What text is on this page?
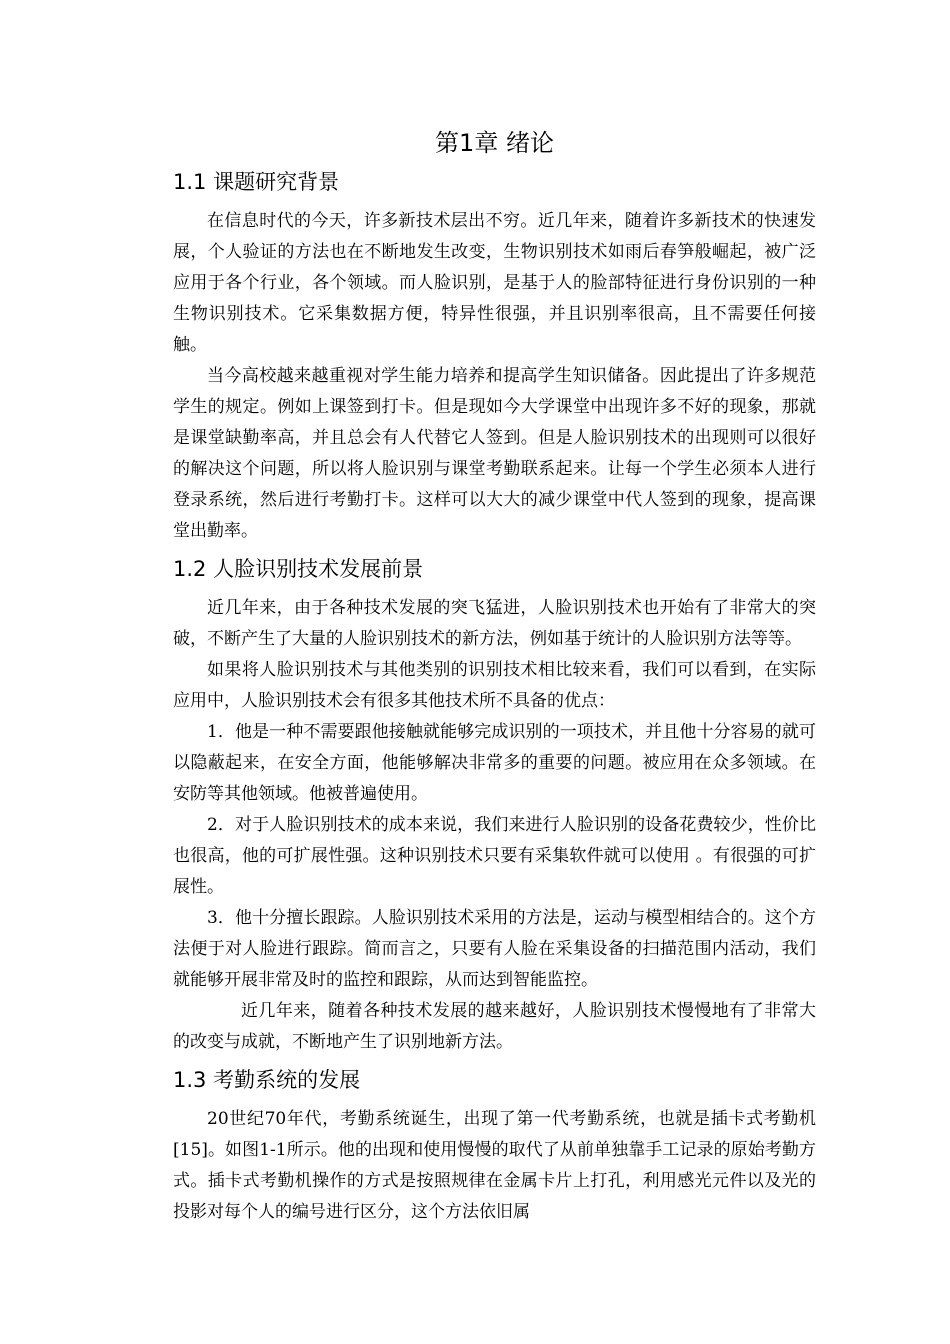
第1章 绪论
1.1 课题研究背景

在信息时代的今天，许多新技术层出不穷。近几年来，随着许多新技术的快速发展，个人验证的方法也在不断地发生改变，生物识别技术如雨后春笋般崛起，被广泛应用于各个行业，各个领域。而人脸识别，是基于人的脸部特征进行身份识别的一种生物识别技术。它采集数据方便，特异性很强，并且识别率很高，且不需要任何接触。

当今高校越来越重视对学生能力培养和提高学生知识储备。因此提出了许多规范学生的规定。例如上课签到打卡。但是现如今大学课堂中出现许多不好的现象，那就是课堂缺勤率高，并且总会有人代替它人签到。但是人脸识别技术的出现则可以很好的解决这个问题，所以将人脸识别与课堂考勤联系起来。让每一个学生必须本人进行登录系统，然后进行考勤打卡。这样可以大大的减少课堂中代人签到的现象，提高课堂出勤率。

1.2 人脸识别技术发展前景

近几年来，由于各种技术发展的突飞猛进，人脸识别技术也开始有了非常大的突破，不断产生了大量的人脸识别技术的新方法，例如基于统计的人脸识别方法等等。

如果将人脸识别技术与其他类别的识别技术相比较来看，我们可以看到，在实际应用中，人脸识别技术会有很多其他技术所不具备的优点：

1．他是一种不需要跟他接触就能够完成识别的一项技术，并且他十分容易的就可以隐蔽起来，在安全方面，他能够解决非常多的重要的问题。被应用在众多领域。在安防等其他领域。他被普遍使用。

2．对于人脸识别技术的成本来说，我们来进行人脸识别的设备花费较少，性价比也很高，他的可扩展性强。这种识别技术只要有采集软件就可以使用 。有很强的可扩展性。

3．他十分擅长跟踪。人脸识别技术采用的方法是，运动与模型相结合的。这个方法便于对人脸进行跟踪。简而言之，只要有人脸在采集设备的扫描范围内活动，我们就能够开展非常及时的监控和跟踪，从而达到智能监控。

近几年来，随着各种技术发展的越来越好，人脸识别技术慢慢地有了非常大的改变与成就，不断地产生了识别地新方法。

1.3 考勤系统的发展

20世纪70年代，考勤系统诞生，出现了第一代考勤系统，也就是插卡式考勤机[15]。如图1-1所示。他的出现和使用慢慢的取代了从前单独靠手工记录的原始考勤方式。插卡式考勤机操作的方式是按照规律在金属卡片上打孔，利用感光元件以及光的投影对每个人的编号进行区分，这个方法依旧属
